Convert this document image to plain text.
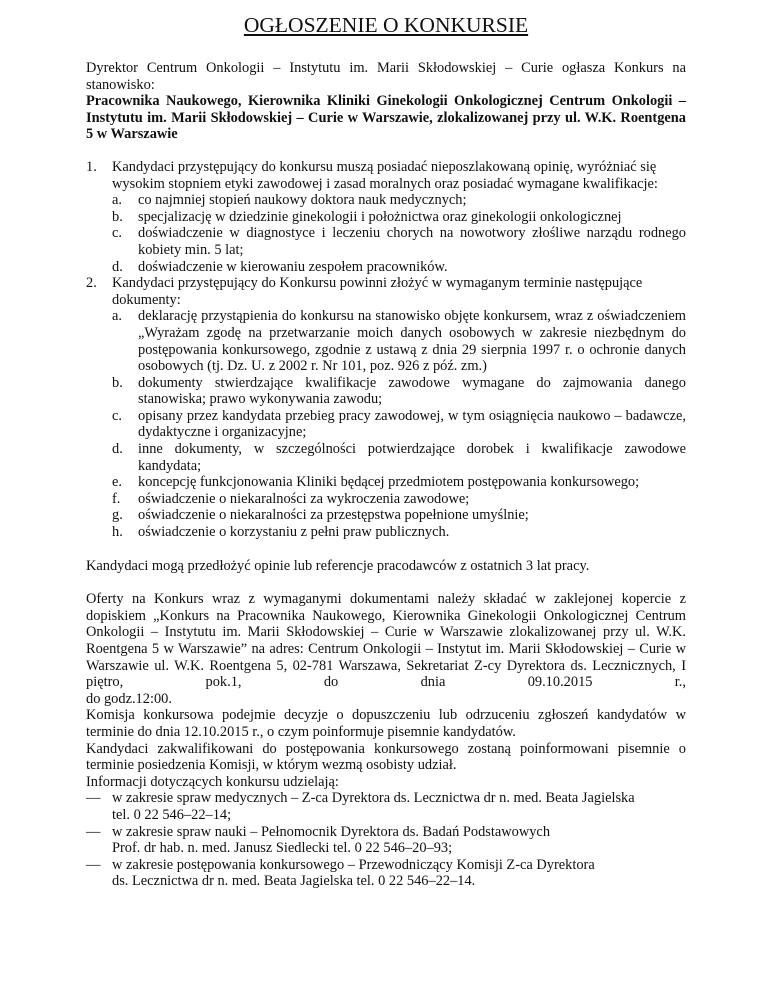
OGŁOSZENIE O KONKURSIE
Dyrektor Centrum Onkologii – Instytutu im. Marii Skłodowskiej – Curie ogłasza Konkurs na stanowisko:
Pracownika Naukowego, Kierownika Kliniki Ginekologii Onkologicznej Centrum Onkologii – Instytutu im. Marii Skłodowskiej – Curie w Warszawie, zlokalizowanej przy ul. W.K. Roentgena 5 w Warszawie
1. Kandydaci przystępujący do konkursu muszą posiadać nieposzlakowaną opinię, wyróżniać się wysokim stopniem etyki zawodowej i zasad moralnych oraz posiadać wymagane kwalifikacje:
a. co najmniej stopień naukowy doktora nauk medycznych;
b. specjalizację w dziedzinie ginekologii i położnictwa oraz ginekologii onkologicznej
c. doświadczenie w diagnostyce i leczeniu chorych na nowotwory złośliwe narządu rodnego kobiety min. 5 lat;
d. doświadczenie w kierowaniu zespołem pracowników.
2. Kandydaci przystępujący do Konkursu powinni złożyć w wymaganym terminie następujące dokumenty:
a. deklarację przystąpienia do konkursu na stanowisko objęte konkursem, wraz z oświadczeniem „Wyrażam zgodę na przetwarzanie moich danych osobowych w zakresie niezbędnym do postępowania konkursowego, zgodnie z ustawą z dnia 29 sierpnia 1997 r. o ochronie danych osobowych (tj. Dz. U. z 2002 r. Nr 101, poz. 926 z póź. zm.)
b. dokumenty stwierdzające kwalifikacje zawodowe wymagane do zajmowania danego stanowiska; prawo wykonywania zawodu;
c. opisany przez kandydata przebieg pracy zawodowej, w tym osiągnięcia naukowo – badawcze, dydaktyczne i organizacyjne;
d. inne dokumenty, w szczególności potwierdzające dorobek i kwalifikacje zawodowe kandydata;
e. koncepcję funkcjonowania Kliniki będącej przedmiotem postępowania konkursowego;
f. oświadczenie o niekaralności za wykroczenia zawodowe;
g. oświadczenie o niekaralności za przestępstwa popełnione umyślnie;
h. oświadczenie o korzystaniu z pełni praw publicznych.
Kandydaci mogą przedłożyć opinie lub referencje pracodawców z ostatnich 3 lat pracy.
Oferty na Konkurs wraz z wymaganymi dokumentami należy składać w zaklejonej kopercie z dopiskiem „Konkurs na Pracownika Naukowego, Kierownika Ginekologii Onkologicznej Centrum Onkologii – Instytutu im. Marii Skłodowskiej – Curie w Warszawie zlokalizowanej przy ul. W.K. Roentgena 5 w Warszawie” na adres: Centrum Onkologii – Instytut im. Marii Skłodowskiej – Curie w Warszawie ul. W.K. Roentgena 5, 02-781 Warszawa, Sekretariat Z-cy Dyrektora ds. Lecznicznych, I piętro, pok.1, do dnia 09.10.2015 r.,
do godz.12:00.
Komisja konkursowa podejmie decyzje o dopuszczeniu lub odrzuceniu zgłoszeń kandydatów w terminie do dnia 12.10.2015 r., o czym poinformuje pisemnie kandydatów.
Kandydaci zakwalifikowani do postępowania konkursowego zostaną poinformowani pisemnie o terminie posiedzenia Komisji, w którym wezmą osobisty udział.
Informacji dotyczących konkursu udzielają:
— w zakresie spraw medycznych – Z-ca Dyrektora ds. Lecznictwa dr n. med. Beata Jagielska
tel. 0 22 546–22–14;
— w zakresie spraw nauki – Pełnomocnik Dyrektora ds. Badań Podstawowych
Prof. dr hab. n. med. Janusz Siedlecki tel. 0 22 546–20–93;
— w zakresie postępowania konkursowego – Przewodniczący Komisji Z-ca Dyrektora
ds. Lecznictwa dr n. med. Beata Jagielska tel. 0 22 546–22–14.
